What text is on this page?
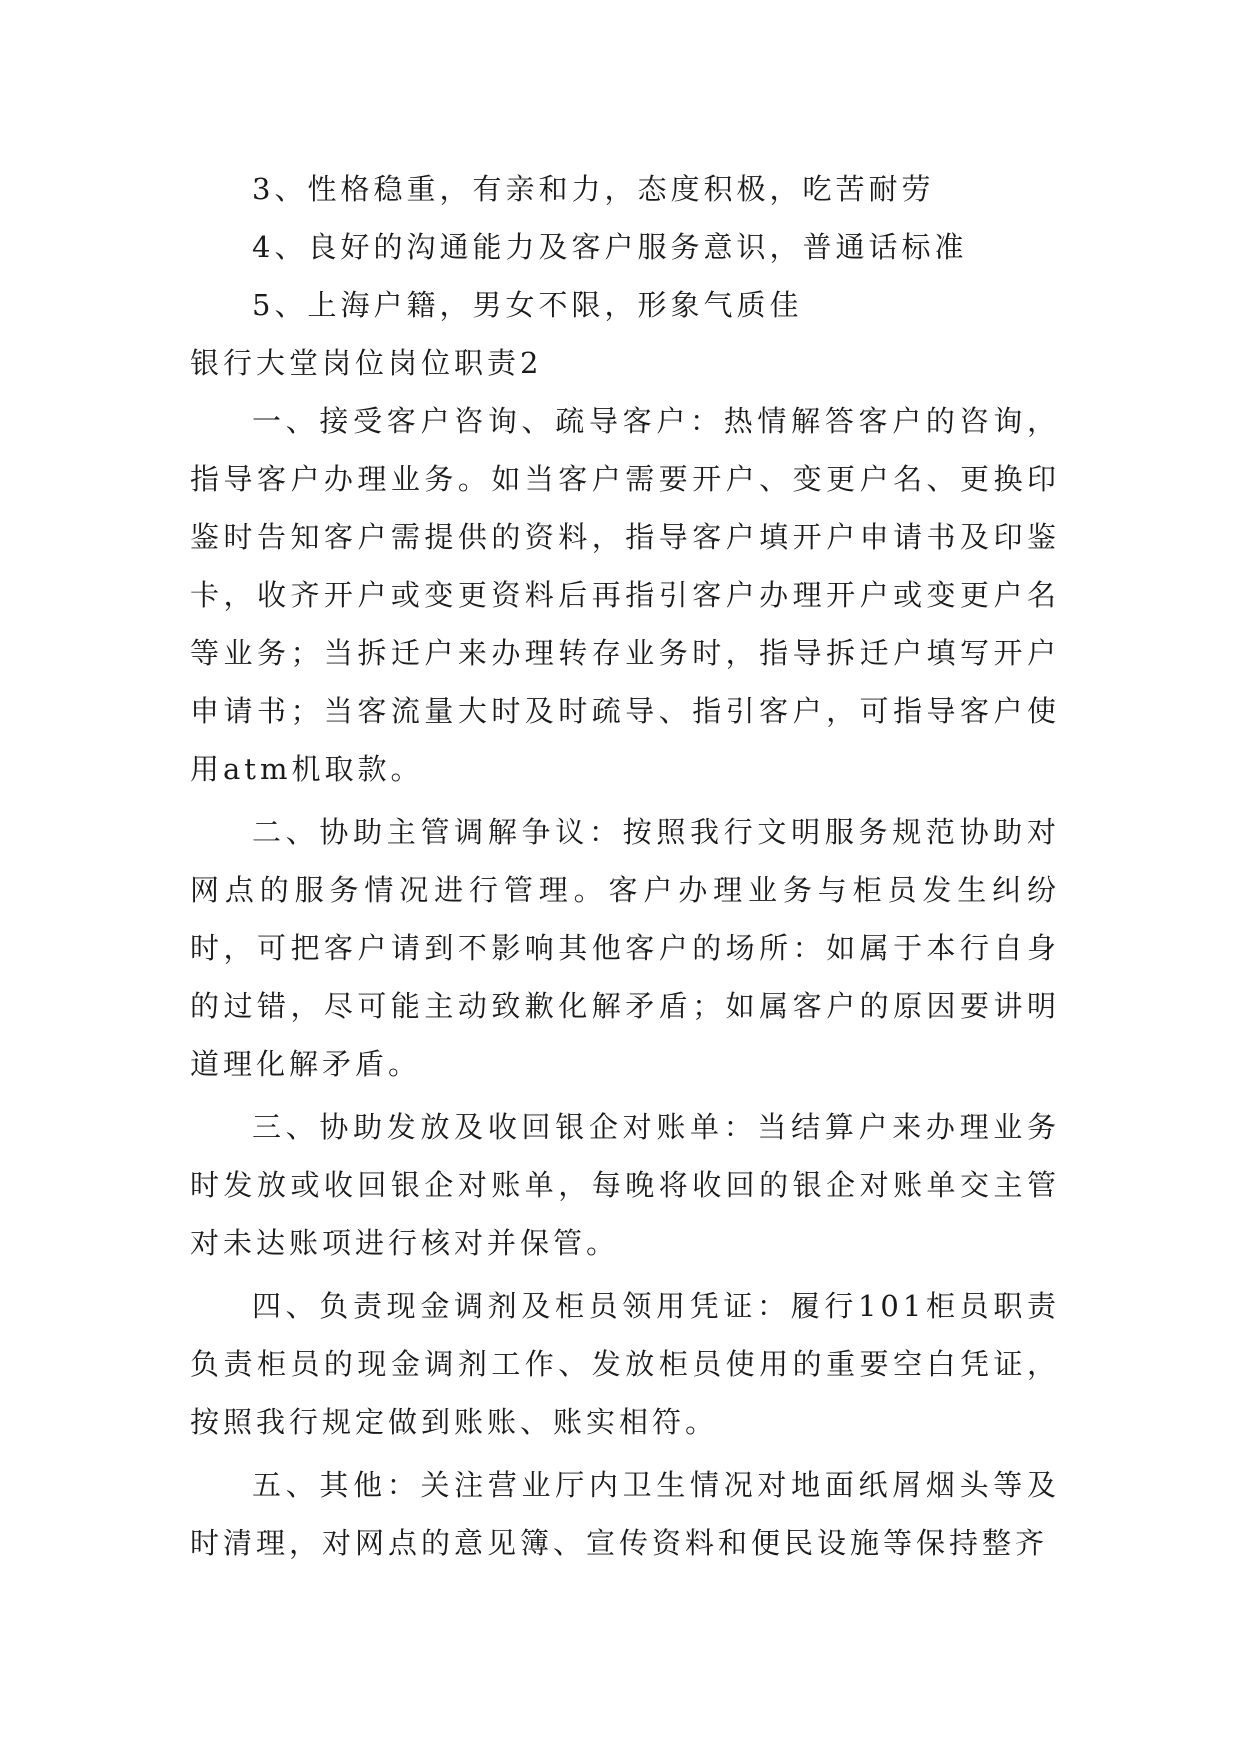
3、性格稳重，有亲和力，态度积极，吃苦耐劳

4、良好的沟通能力及客户服务意识，普通话标准

5、上海户籍，男女不限，形象气质佳

银行大堂岗位岗位职责2

一、接受客户咨询、疏导客户：热情解答客户的咨询，指导客户办理业务。如当客户需要开户、变更户名、更换印鉴时告知客户需提供的资料，指导客户填开户申请书及印鉴卡，收齐开户或变更资料后再指引客户办理开户或变更户名等业务；当拆迁户来办理转存业务时，指导拆迁户填写开户申请书；当客流量大时及时疏导、指引客户，可指导客户使用atm机取款。

二、协助主管调解争议：按照我行文明服务规范协助对网点的服务情况进行管理。客户办理业务与柜员发生纠纷时，可把客户请到不影响其他客户的场所：如属于本行自身的过错，尽可能主动致歉化解矛盾；如属客户的原因要讲明道理化解矛盾。

三、协助发放及收回银企对账单：当结算户来办理业务时发放或收回银企对账单，每晚将收回的银企对账单交主管对未达账项进行核对并保管。

四、负责现金调剂及柜员领用凭证：履行101柜员职责负责柜员的现金调剂工作、发放柜员使用的重要空白凭证，按照我行规定做到账账、账实相符。

五、其他：关注营业厅内卫生情况对地面纸屑烟头等及时清理，对网点的意见簿、宣传资料和便民设施等保持整齐
